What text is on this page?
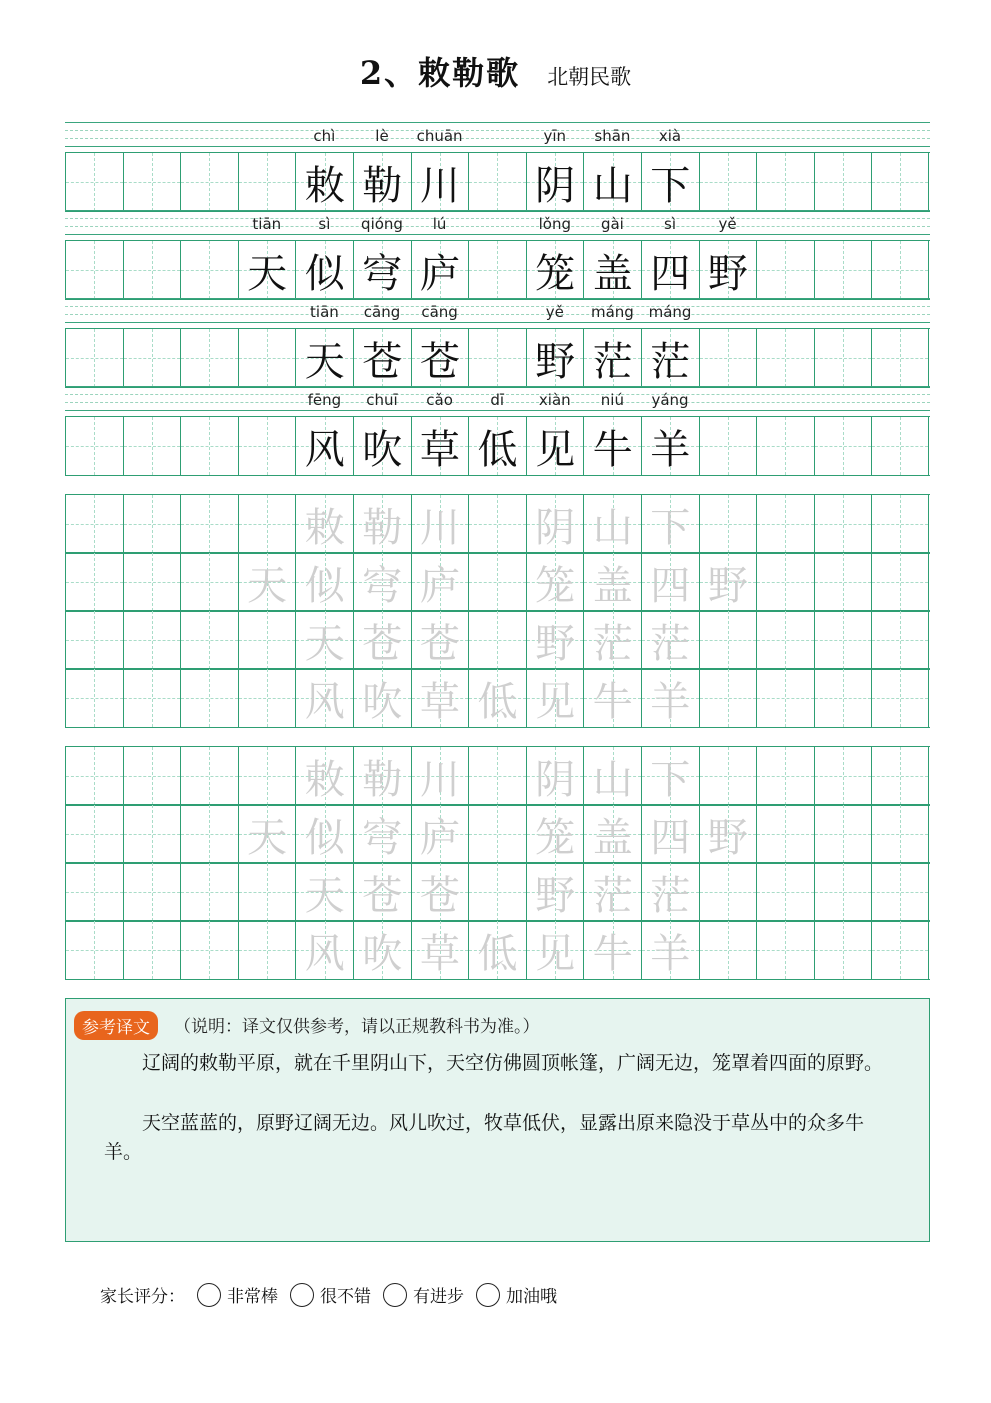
2、敕勒歌 北朝民歌
chì	lè	chuān	yīn	shān	xià
敕 勒 川 阴 山 下
tiān	sì	qióng	lú	lǒng	gài	sì	yě
天 似 穹 庐 笼 盖 四 野
tiān	cāng	cāng	yě	máng máng
天 苍 苍 野 茫 茫
fēng	chuī	cǎo	dī	xiàn	niú	yáng
风 吹 草 低 见 牛 羊
敕 勒 川 阴 山 下
天 似 穹 庐 笼 盖 四 野
天 苍 苍 野 茫 茫
风 吹 草 低 见 牛 羊
敕 勒 川 阴 山 下
天 似 穹 庐 笼 盖 四 野
天 苍 苍 野 茫 茫
风 吹 草 低 见 牛 羊
参考译文	（说明：译文仅供参考，请以正规教科书为准。）
辽阔的敕勒平原，就在千里阴山下，天空仿佛圆顶帐篷，广阔无边，笼罩着四面的原野。
天空蓝蓝的，原野辽阔无边。风儿吹过，牧草低伏，显露出原来隐没于草丛中的众多牛羊。
家长评分： 非常棒 很不错 有进步 加油哦
